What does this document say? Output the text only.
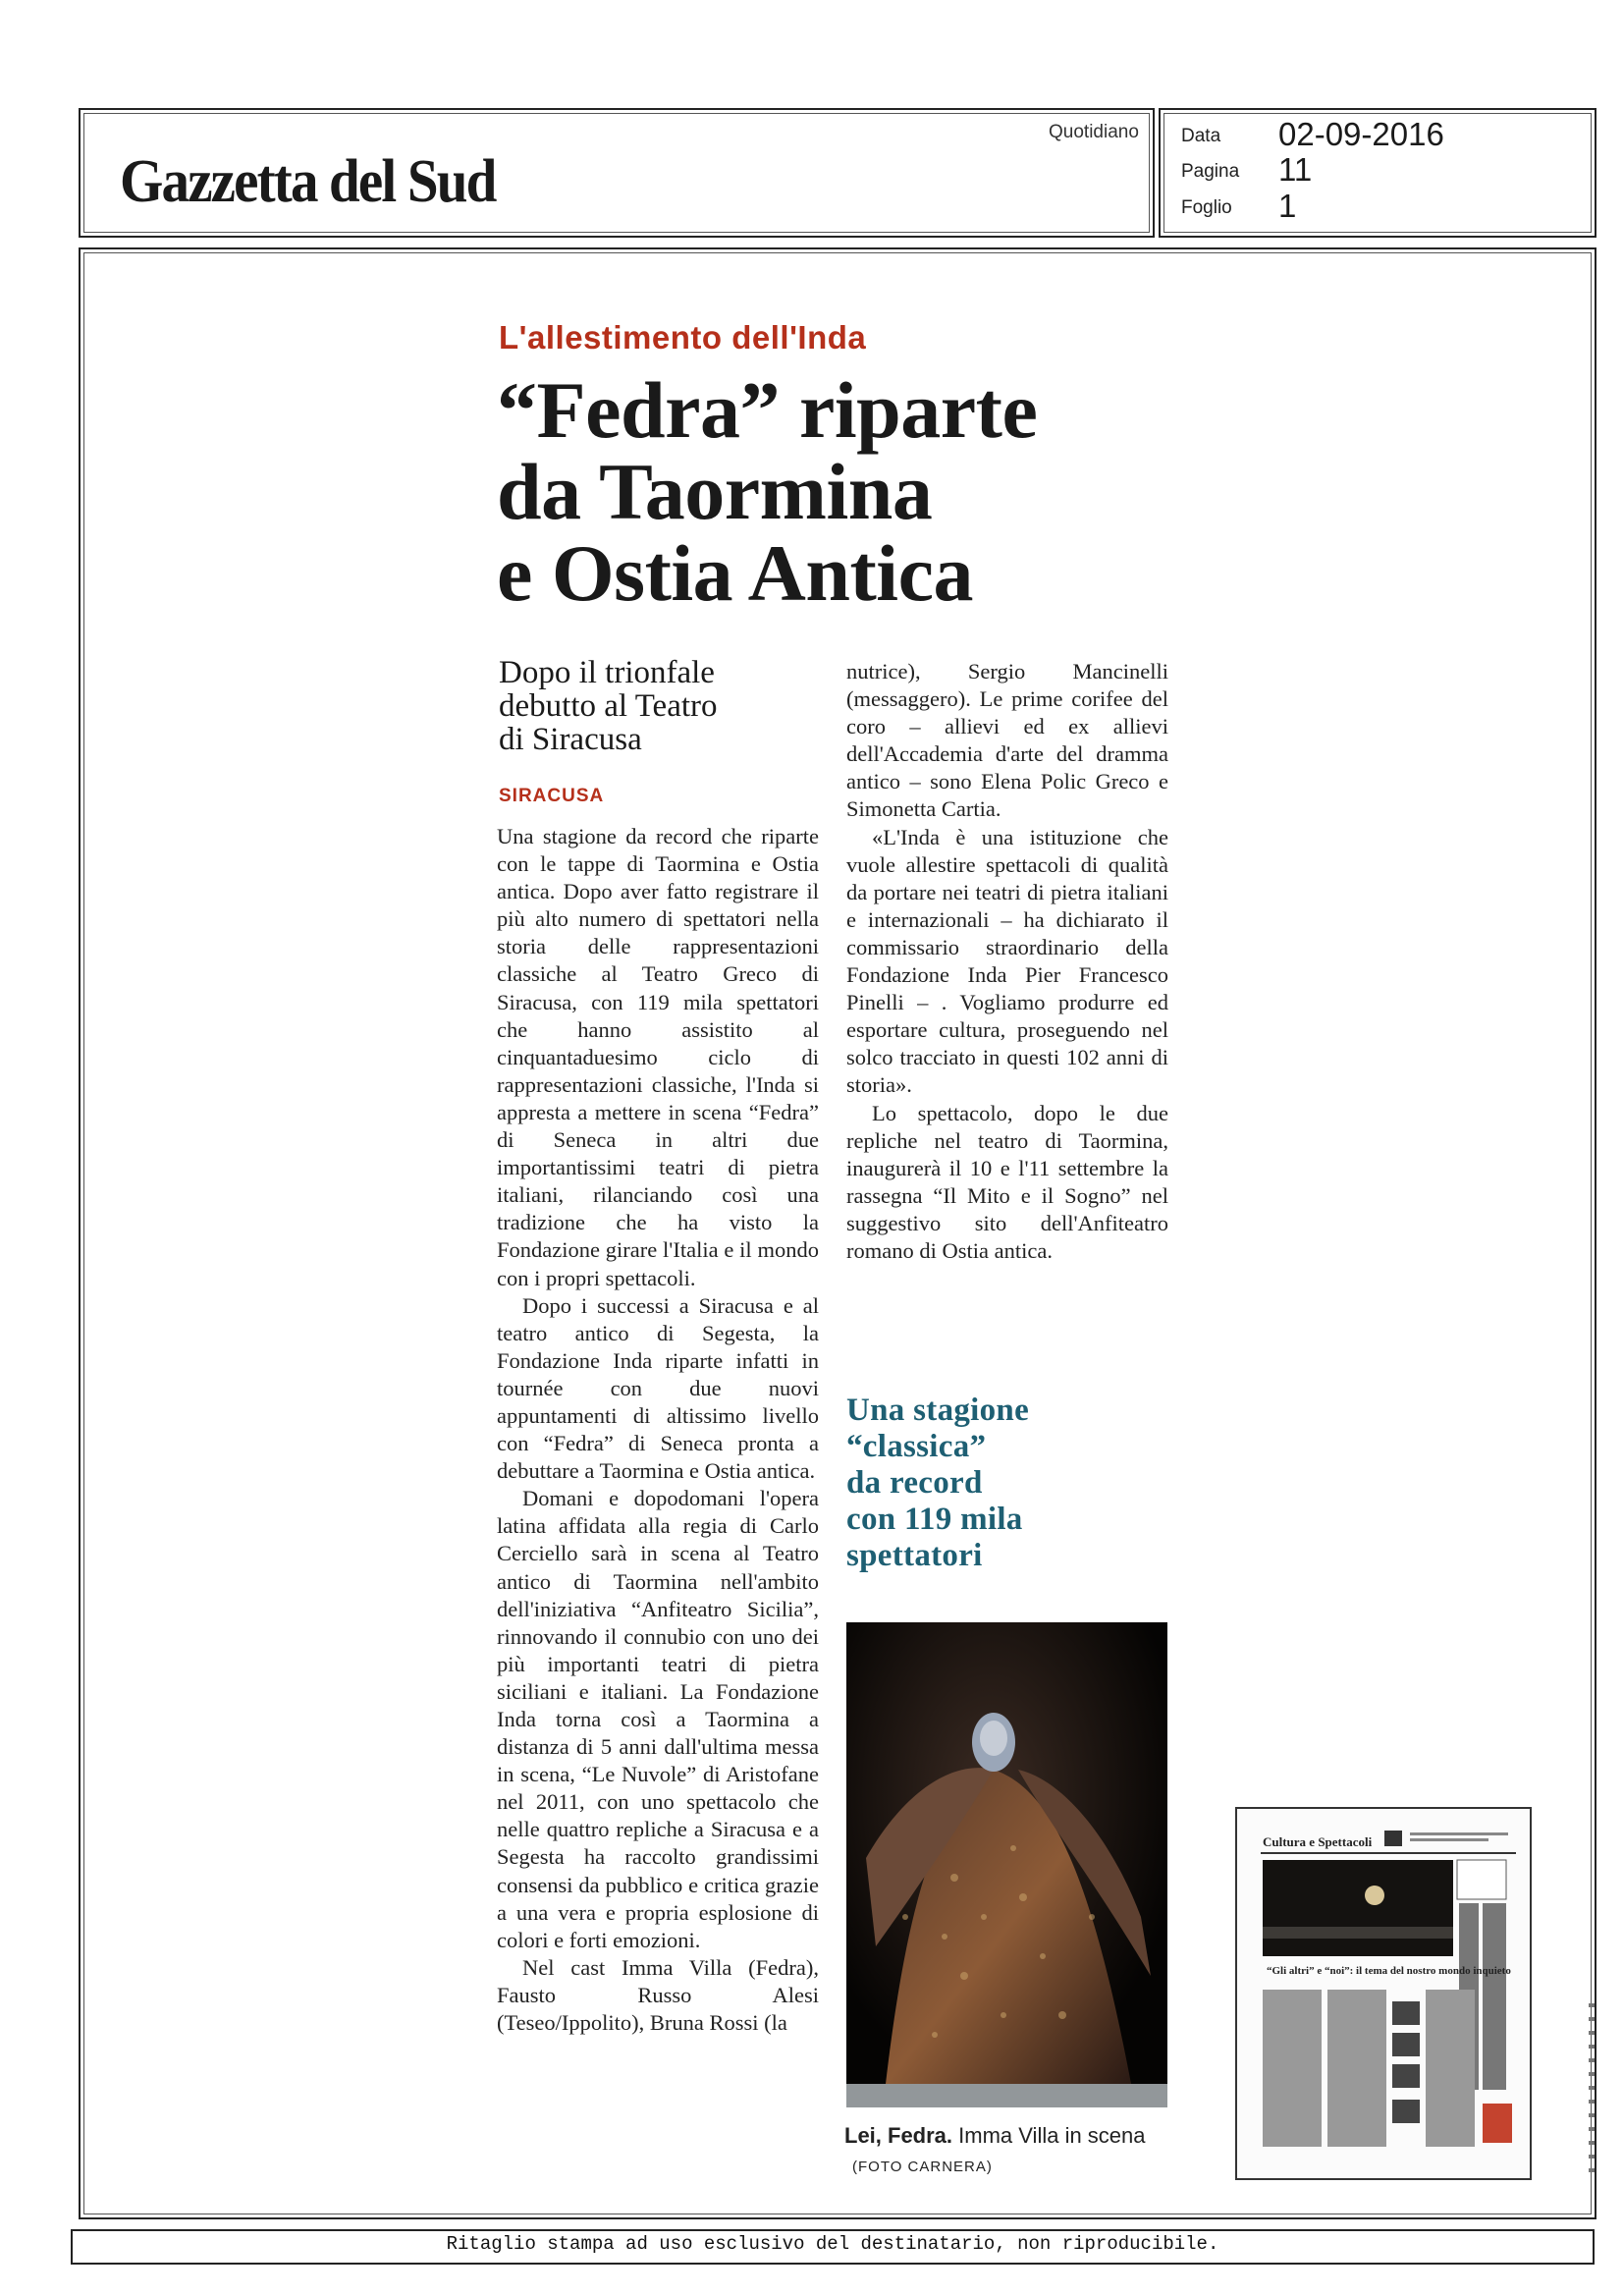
Gazzetta del Sud
Quotidiano Data 02-09-2016
Pagina 11
Foglio 1
L'allestimento dell'Inda
“Fedra” riparte
da Taormina
e Ostia Antica
Dopo il trionfale
debutto al Teatro
di Siracusa
SIRACUSA

Una stagione da record che riparte con le tappe di Taormina e Ostia antica. Dopo aver fatto registrare il più alto numero di spettatori nella storia delle rappresentazioni classiche al Teatro Greco di Siracusa, con 119 mila spettatori che hanno assistito al cinquantaduesimo ciclo di rappresentazioni classiche, l'Inda si appresta a mettere in scena “Fedra” di Seneca in altri due importantissimi teatri di pietra italiani, rilanciando così una tradizione che ha visto la Fondazione girare l'Italia e il mondo con i propri spettacoli.

Dopo i successi a Siracusa e al teatro antico di Segesta, la Fondazione Inda riparte infatti in tournée con due nuovi appuntamenti di altissimo livello con “Fedra” di Seneca pronta a debuttare a Taormina e Ostia antica.

Domani e dopodomani l'opera latina affidata alla regia di Carlo Cerciello sarà in scena al Teatro antico di Taormina nell'ambito dell'iniziativa “Anfiteatro Sicilia”, rinnovando il connubio con uno dei più importanti teatri di pietra siciliani e italiani. La Fondazione Inda torna così a Taormina a distanza di 5 anni dall'ultima messa in scena, “Le Nuvole” di Aristofane nel 2011, con uno spettacolo che nelle quattro repliche a Siracusa e a Segesta ha raccolto grandissimi consensi da pubblico e critica grazie a una vera e propria esplosione di colori e forti emozioni.

Nel cast Imma Villa (Fedra), Fausto Russo Alesi (Teseo/Ippolito), Bruna Rossi (la

nutrice), Sergio Mancinelli (messaggero). Le prime corifee del coro – allievi ed ex allievi dell'Accademia d'arte del dramma antico – sono Elena Polic Greco e Simonetta Cartia.

«L'Inda è una istituzione che vuole allestire spettacoli di qualità da portare nei teatri di pietra italiani e internazionali – ha dichiarato il commissario straordinario della Fondazione Inda Pier Francesco Pinelli – . Vogliamo produrre ed esportare cultura, proseguendo nel solco tracciato in questi 102 anni di storia».

Lo spettacolo, dopo le due repliche nel teatro di Taormina, inaugurerà il 10 e l'11 settembre la rassegna “Il Mito e il Sogno” nel suggestivo sito dell'Anfiteatro romano di Ostia antica.

Una stagione
“classica”
da record
con 119 mila
spettatori
Lei, Fedra. Imma Villa in scena (FOTO CARNERA)
Cultura e Spettacoli
“Gli altri” e “noi”: il tema del nostro mondo inquieto
Ritaglio stampa ad uso esclusivo del destinatario, non riproducibile.
